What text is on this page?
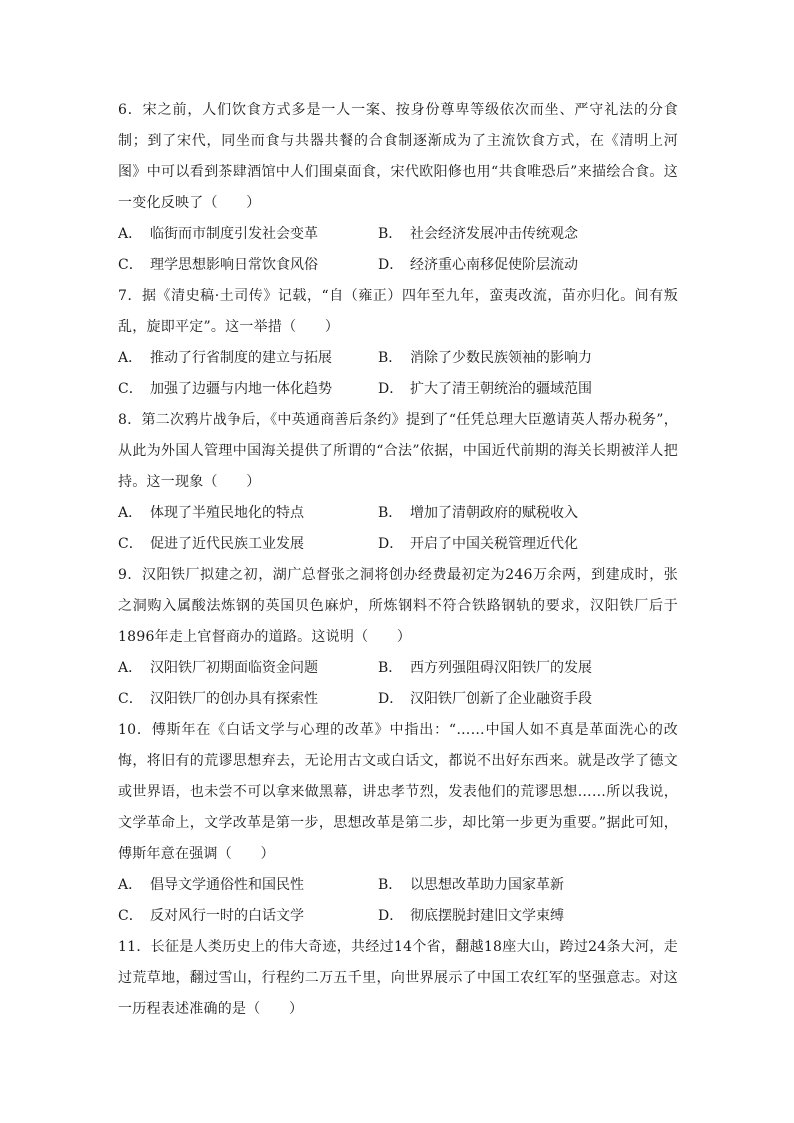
6．宋之前，人们饮食方式多是一人一案、按身份尊卑等级依次而坐、严守礼法的分食制；到了宋代，同坐而食与共器共餐的合食制逐渐成为了主流饮食方式，在《清明上河图》中可以看到茶肆酒馆中人们围桌面食，宋代欧阳修也用“共食唯恐后”来描绘合食。这一变化反映了（　　）
A． 临街而市制度引发社会变革	B． 社会经济发展冲击传统观念
C． 理学思想影响日常饮食风俗	D． 经济重心南移促使阶层流动
7．据《清史稿·土司传》记载，“自（雍正）四年至九年，蛮夷改流，苗亦归化。间有叛乱，旋即平定”。这一举措（　　）
A． 推动了行省制度的建立与拓展	B． 消除了少数民族领袖的影响力
C． 加强了边疆与内地一体化趋势	D． 扩大了清王朝统治的疆域范围
8．第二次鸦片战争后，《中英通商善后条约》提到了“任凭总理大臣邀请英人帮办税务”，从此为外国人管理中国海关提供了所谓的“合法”依据，中国近代前期的海关长期被洋人把持。这一现象（　　）
A． 体现了半殖民地化的特点	B． 增加了清朝政府的赋税收入
C． 促进了近代民族工业发展	D． 开启了中国关税管理近代化
9．汉阳铁厂拟建之初，湖广总督张之洞将创办经费最初定为246万余两，到建成时，张之洞购入属酸法炼钢的英国贝色麻炉，所炼钢料不符合铁路钢轨的要求，汉阳铁厂后于1896年走上官督商办的道路。这说明（　　）
A． 汉阳铁厂初期面临资金问题	B． 西方列强阻碍汉阳铁厂的发展
C． 汉阳铁厂的创办具有探索性	D． 汉阳铁厂创新了企业融资手段
10．傅斯年在《白话文学与心理的改革》中指出：“……中国人如不真是革面洗心的改悔，将旧有的荒谬思想弃去，无论用古文或白话文，都说不出好东西来。就是改学了德文或世界语，也未尝不可以拿来做黑幕，讲忠孝节烈，发表他们的荒谬思想……所以我说，文学革命上，文学改革是第一步，思想改革是第二步，却比第一步更为重要。”据此可知，傅斯年意在强调（　　）
A． 倡导文学通俗性和国民性	B． 以思想改革助力国家革新
C． 反对风行一时的白话文学	D． 彻底摆脱封建旧文学束缚
11．长征是人类历史上的伟大奇迹，共经过14个省，翻越18座大山，跨过24条大河，走过荒草地，翻过雪山，行程约二万五千里，向世界展示了中国工农红军的坚强意志。对这一历程表述准确的是（　　）
